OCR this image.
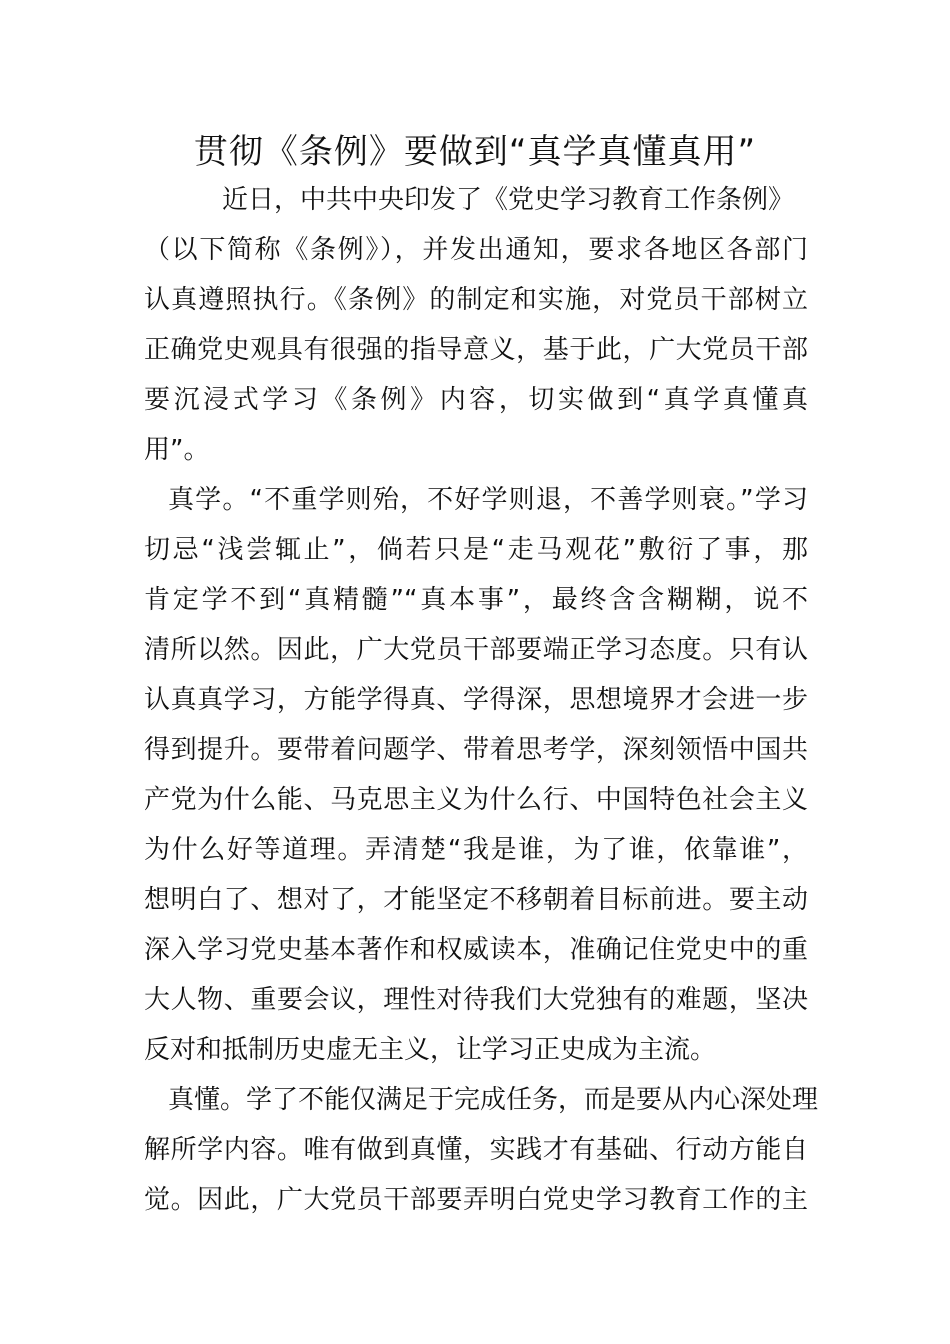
贯彻《条例》要做到“真学真懂真用”

近日，中共中央印发了《党史学习教育工作条例》

（以下简称《条例》），并发出通知，要求各地区各部门

认真遵照执行。《条例》的制定和实施，对党员干部树立

正确党史观具有很强的指导意义，基于此，广大党员干部

要沉浸式学习《条例》内容，切实做到“真学真懂真

用”。

真学。“不重学则殆，不好学则退，不善学则衰。”学习

切忌“浅尝辄止”，倘若只是“走马观花”敷衍了事，那

肯定学不到“真精髓”“真本事”，最终含含糊糊，说不

清所以然。因此，广大党员干部要端正学习态度。只有认

认真真学习，方能学得真、学得深，思想境界才会进一步

得到提升。要带着问题学、带着思考学，深刻领悟中国共

产党为什么能、马克思主义为什么行、中国特色社会主义

为什么好等道理。弄清楚“我是谁，为了谁，依靠谁”，

想明白了、想对了，才能坚定不移朝着目标前进。要主动

深入学习党史基本著作和权威读本，准确记住党史中的重

大人物、重要会议，理性对待我们大党独有的难题，坚决

反对和抵制历史虚无主义，让学习正史成为主流。

真懂。学了不能仅满足于完成任务，而是要从内心深处理

解所学内容。唯有做到真懂，实践才有基础、行动方能自

觉。因此，广大党员干部要弄明白党史学习教育工作的主
